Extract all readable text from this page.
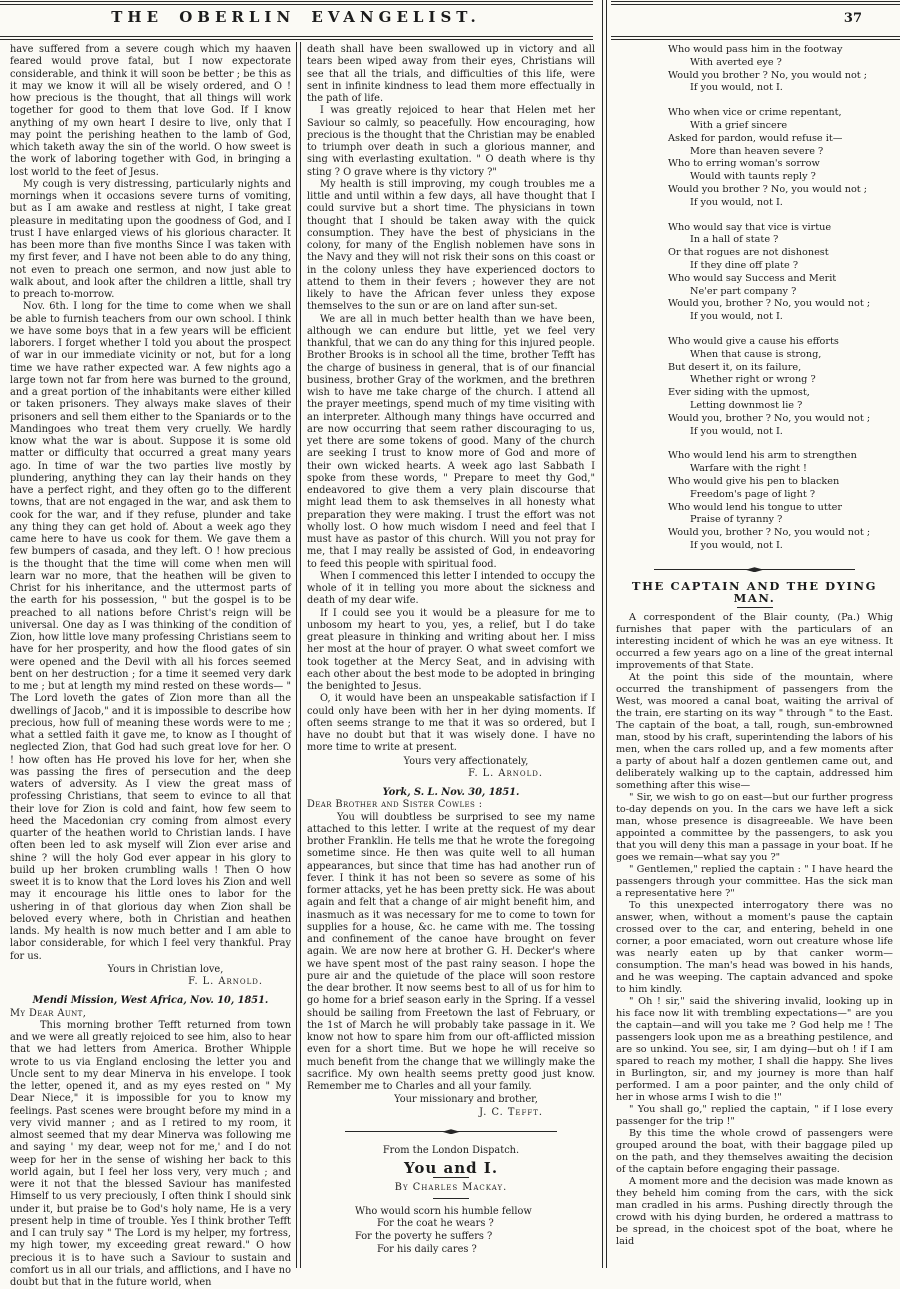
THE OBERLIN EVANGELIST.	37

have suffered from a severe cough which my haaven feared would prove fatal, but I now expectorate considerable, and think it will soon be better ; be this as it may we know it will all be wisely ordered, and O ! how precious is the thought, that all things will work together for good to them that love God. If I know anything of my own heart I desire to live, only that I may point the perishing heathen to the lamb of God, which taketh away the sin of the world. O how sweet is the work of laboring together with God, in bringing a lost world to the feet of Jesus.

My cough is very distressing, particularly nights and mornings when it occasions severe turns of vomiting, but as I am awake and restless at night, I take great pleasure in meditating upon the goodness of God, and I trust I have enlarged views of his glorious character. It has been more than five months Since I was taken with my first fever, and I have not been able to do any thing, not even to preach one sermon, and now just able to walk about, and look after the children a little, shall try to preach to-morrow.

Nov. 6th. I long for the time to come when we shall be able to furnish teachers from our own school. I think we have some boys that in a few years will be efficient laborers. I forget whether I told you about the prospect of war in our immediate vicinity or not, but for a long time we have rather expected war. A few nights ago a large town not far from here was burned to the ground, and a great portion of the inhabitants were either killed or taken prisoners. They always make slaves of their prisoners and sell them either to the Spaniards or to the Mandingoes who treat them very cruelly. We hardly know what the war is about. Suppose it is some old matter or difficulty that occurred a great many years ago. In time of war the two parties live mostly by plundering, anything they can lay their hands on they have a perfect right, and they often go to the different towns, that are not engaged in the war, and ask them to cook for the war, and if they refuse, plunder and take any thing they can get hold of. About a week ago they came here to have us cook for them. We gave them a few bumpers of casada, and they left. O ! how precious is the thought that the time will come when men will learn war no more, that the heathen will be given to Christ for his inheritance, and the uttermost parts of the earth for his possession, " but the gospel is to be preached to all nations before Christ's reign will be universal. One day as I was thinking of the condition of Zion, how little love many professing Christians seem to have for her prosperity, and how the flood gates of sin were opened and the Devil with all his forces seemed bent on her destruction ; for a time it seemed very dark to me ; but at length my mind rested on these words— " The Lord loveth the gates of Zion more than all the dwellings of Jacob," and it is impossible to describe how precious, how full of meaning these words were to me ; what a settled faith it gave me, to know as I thought of neglected Zion, that God had such great love for her. O ! how often has He proved his love for her, when she was passing the fires of persecution and the deep waters of adversity. As I view the great mass of professing Christians, that seem to evince to all that their love for Zion is cold and faint, how few seem to heed the Macedonian cry coming from almost every quarter of the heathen world to Christian lands. I have often been led to ask myself will Zion ever arise and shine ? will the holy God ever appear in his glory to build up her broken crumbling walls ! Then O how sweet it is to know that the Lord loves his Zion and well may it encourage his little ones to labor for the ushering in of that glorious day when Zion shall be beloved every where, both in Christian and heathen lands. My health is now much better and I am able to labor considerable, for which I feel very thankful. Pray for us.

Yours in Christian love,

F. L. Arnold.

Mendi Mission, West Africa, Nov. 10, 1851.

My Dear Aunt,

This morning brother Tefft returned from town and we were all greatly rejoiced to see him, also to hear that we had letters from America. Brother Whipple wrote to us via England enclosing the letter you and Uncle sent to my dear Minerva in his envelope. I took the letter, opened it, and as my eyes rested on " My Dear Niece," it is impossible for you to know my feelings. Past scenes were brought before my mind in a very vivid manner ; and as I retired to my room, it almost seemed that my dear Minerva was following me and saying ' my dear, weep not for me,' and I do not weep for her in the sense of wishing her back to this world again, but I feel her loss very, very much ; and were it not that the blessed Saviour has manifested Himself to us very preciously, I often think I should sink under it, but praise be to God's holy name, He is a very present help in time of trouble. Yes I think brother Tefft and I can truly say " The Lord is my helper, my fortress, my high tower, my exceeding great reward." O how precious it is to have such a Saviour to sustain and comfort us in all our trials, and afflictions, and I have no doubt but that in the future world, when

death shall have been swallowed up in victory and all tears been wiped away from their eyes, Christians will see that all the trials, and difficulties of this life, were sent in infinite kindness to lead them more effectually in the path of life.

I was greatly rejoiced to hear that Helen met her Saviour so calmly, so peacefully. How encouraging, how precious is the thought that the Christian may be enabled to triumph over death in such a glorious manner, and sing with everlasting exultation. " O death where is thy sting ? O grave where is thy victory ?"

My health is still improving, my cough troubles me a little and until within a few days, all have thought that I could survive but a short time. The physicians in town thought that I should be taken away with the quick consumption. They have the best of physicians in the colony, for many of the English noblemen have sons in the Navy and they will not risk their sons on this coast or in the colony unless they have experienced doctors to attend to them in their fevers ; however they are not likely to have the African fever unless they expose themselves to the sun or are on land after sun-set.

We are all in much better health than we have been, although we can endure but little, yet we feel very thankful, that we can do any thing for this injured people. Brother Brooks is in school all the time, brother Tefft has the charge of business in general, that is of our financial business, brother Gray of the workmen, and the brethren wish to have me take charge of the church. I attend all the prayer meetings, spend much of my time visiting with an interpreter. Although many things have occurred and are now occurring that seem rather discouraging to us, yet there are some tokens of good. Many of the church are seeking I trust to know more of God and more of their own wicked hearts. A week ago last Sabbath I spoke from these words, " Prepare to meet thy God," endeavored to give them a very plain discourse that might lead them to ask themselves in all honesty what preparation they were making. I trust the effort was not wholly lost. O how much wisdom I need and feel that I must have as pastor of this church. Will you not pray for me, that I may really be assisted of God, in endeavoring to feed this people with spiritual food.

When I commenced this letter I intended to occupy the whole of it in telling you more about the sickness and death of my dear wife.

If I could see you it would be a pleasure for me to unbosom my heart to you, yes, a relief, but I do take great pleasure in thinking and writing about her. I miss her most at the hour of prayer. O what sweet comfort we took together at the Mercy Seat, and in advising with each other about the best mode to be adopted in bringing the benighted to Jesus.

O, it would have been an unspeakable satisfaction if I could only have been with her in her dying moments. If often seems strange to me that it was so ordered, but I have no doubt but that it was wisely done. I have no more time to write at present.

Yours very affectionately,

F. L. Arnold.

York, S. L. Nov. 30, 1851.

Dear Brother and Sister Cowles :

You will doubtless be surprised to see my name attached to this letter. I write at the request of my dear brother Franklin. He tells me that he wrote the foregoing sometime since. He then was quite well to all human appearances, but since that time has had another run of fever. I think it has not been so severe as some of his former attacks, yet he has been pretty sick. He was about again and felt that a change of air might benefit him, and inasmuch as it was necessary for me to come to town for supplies for a house, &c. he came with me. The tossing and confinement of the canoe have brought on fever again. We are now here at brother G. H. Decker's where we have spent most of the past rainy season. I hope the pure air and the quietude of the place will soon restore the dear brother. It now seems best to all of us for him to go home for a brief season early in the Spring. If a vessel should be sailing from Freetown the last of February, or the 1st of March he will probably take passage in it. We know not how to spare him from our oft-afflicted mission even for a short time. But we hope he will receive so much benefit from the change that we willingly make the sacrifice. My own health seems pretty good just know. Remember me to Charles and all your family.

Your missionary and brother,

J. C. Tefft.

From the London Dispatch.

You and I.

By Charles Mackay.

Who would scorn his humble fellow
For the coat he wears ?
For the poverty he suffers ?
For his daily cares ?
Who would pass him in the footway
With averted eye ?
Would you brother ? No, you would not ;
If you would, not I.
Who when vice or crime repentant,
With a grief sincere
Asked for pardon, would refuse it—
More than heaven severe ?
Who to erring woman's sorrow
Would with taunts reply ?
Would you brother ? No, you would not ;
If you would, not I.
Who would say that vice is virtue
In a hall of state ?
Or that rogues are not dishonest
If they dine off plate ?
Who would say Success and Merit
Ne'er part company ?
Would you, brother ? No, you would not ;
If you would, not I.
Who would give a cause his efforts
When that cause is strong,
But desert it, on its failure,
Whether right or wrong ?
Ever siding with the upmost,
Letting downmost lie ?
Would you, brother ? No, you would not ;
If you would, not I.
Who would lend his arm to strengthen
Warfare with the right !
Who would give his pen to blacken
Freedom's page of light ?
Who would lend his tongue to utter
Praise of tyranny ?
Would you, brother ? No, you would not ;
If you would, not I.

THE CAPTAIN AND THE DYING MAN.

A correspondent of the Blair county, (Pa.) Whig furnishes that paper with the particulars of an interesting incident of which he was an eye witness. It occurred a few years ago on a line of the great internal improvements of that State.

At the point this side of the mountain, where occurred the transhipment of passengers from the West, was moored a canal boat, waiting the arrival of the train, ere starting on its way " through " to the East. The captain of the boat, a tall, rough, sun-embrowned man, stood by his craft, superintending the labors of his men, when the cars rolled up, and a few moments after a party of about half a dozen gentlemen came out, and deliberately walking up to the captain, addressed him something after this wise—

" Sir, we wish to go on east—but our further progress to-day depends on you. In the cars we have left a sick man, whose presence is disagreeable. We have been appointed a committee by the passengers, to ask you that you will deny this man a passage in your boat. If he goes we remain—what say you ?"

" Gentlemen," replied the captain : " I have heard the passengers through your committee. Has the sick man a representative here ?"

To this unexpected interrogatory there was no answer, when, without a moment's pause the captain crossed over to the car, and entering, beheld in one corner, a poor emaciated, worn out creature whose life was nearly eaten up by that canker worm—consumption. The man's head was bowed in his hands, and he was weeping. The captain advanced and spoke to him kindly.

" Oh ! sir," said the shivering invalid, looking up in his face now lit with trembling expectations—" are you the captain—and will you take me ? God help me ! The passengers look upon me as a breathing pestilence, and are so unkind. You see, sir, I am dying—but oh ! if I am spared to reach my mother, I shall die happy. She lives in Burlington, sir, and my journey is more than half performed. I am a poor painter, and the only child of her in whose arms I wish to die !"

" You shall go," replied the captain, " if I lose every passenger for the trip !"

By this time the whole crowd of passengers were grouped around the boat, with their baggage piled up on the path, and they themselves awaiting the decision of the captain before engaging their passage.

A moment more and the decision was made known as they beheld him coming from the cars, with the sick man cradled in his arms. Pushing directly through the crowd with his dying burden, he ordered a mattrass to be spread, in the choicest spot of the boat, where he laid
